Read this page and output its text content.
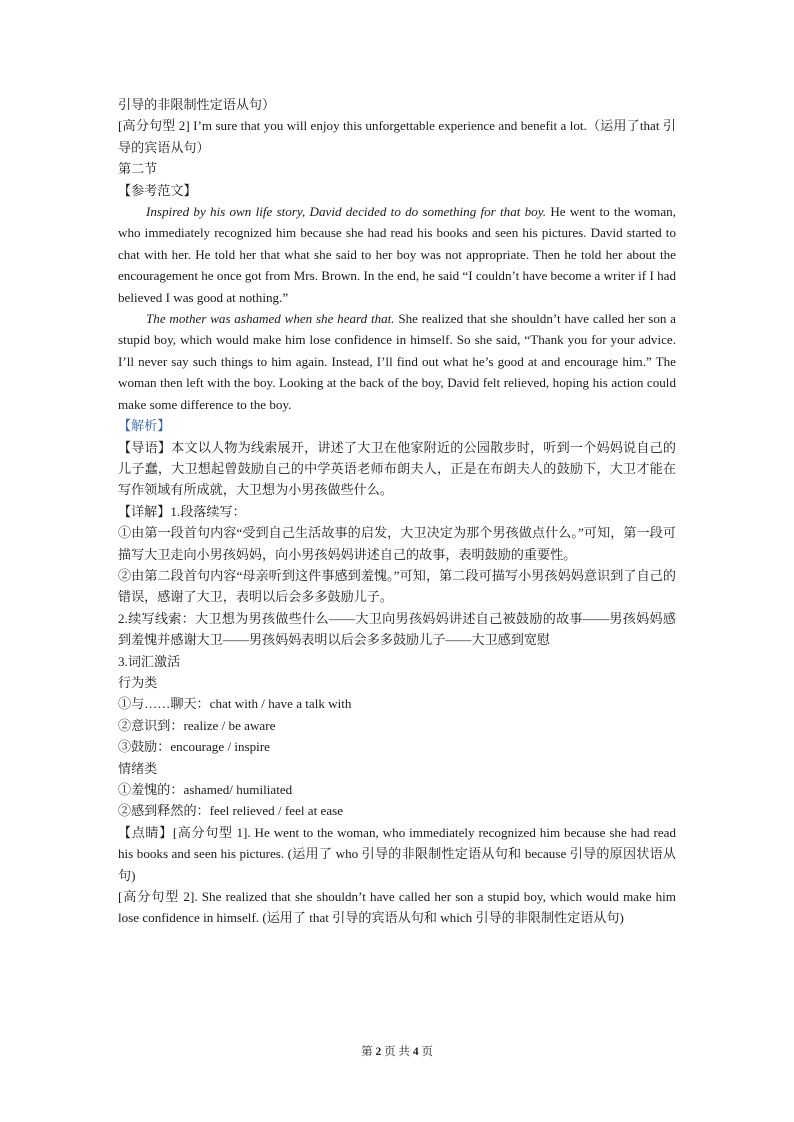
引导的非限制性定语从句）

[高分句型 2] I’m sure that you will enjoy this unforgettable experience and benefit a lot.（运用了that 引导的宾语从句）

第二节

【参考范文】

Inspired by his own life story, David decided to do something for that boy. He went to the woman, who immediately recognized him because she had read his books and seen his pictures. David started to chat with her. He told her that what she said to her boy was not appropriate. Then he told her about the encouragement he once got from Mrs. Brown. In the end, he said “I couldn’t have become a writer if I had believed I was good at nothing.”

The mother was ashamed when she heard that. She realized that she shouldn’t have called her son a stupid boy, which would make him lose confidence in himself. So she said, “Thank you for your advice. I’ll never say such things to him again. Instead, I’ll find out what he’s good at and encourage him.” The woman then left with the boy. Looking at the back of the boy, David felt relieved, hoping his action could make some difference to the boy.

【解析】

【导语】本文以人物为线索展开，讲述了大卫在他家附近的公园散步时，听到一个妈妈说自己的儿子蠢，大卫想起曾鼓励自己的中学英语老师布朗夫人，正是在布朗夫人的鼓励下，大卫才能在写作领域有所成就，大卫想为小男孩做些什么。

【详解】1.段落续写：

①由第一段首句内容“受到自己生活故事的启发，大卫决定为那个男孩做点什么。”可知，第一段可描写大卫走向小男孩妈妈，向小男孩妈妈讲述自己的故事，表明鼓励的重要性。

②由第二段首句内容“母亲听到这件事感到羞愧。”可知，第二段可描写小男孩妈妈意识到了自己的错误，感谢了大卫，表明以后会多多鼓励儿子。

2.续写线索：大卫想为男孩做些什么——大卫向男孩妈妈讲述自己被鼓励的故事——男孩妈妈感到羞愧并感谢大卫——男孩妈妈表明以后会多多鼓励儿子——大卫感到宽慰

3.词汇激活

行为类

①与……聊天：chat with / have a talk with

②意识到：realize / be aware

③鼓励：encourage / inspire

情绪类

①羞愧的：ashamed/ humiliated

②感到释然的：feel relieved / feel at ease

【点睛】[高分句型 1]. He went to the woman, who immediately recognized him because she had read his books and seen his pictures. (运用了 who 引导的非限制性定语从句和 because 引导的原因状语从句)

[高分句型 2]. She realized that she shouldn’t have called her son a stupid boy, which would make him lose confidence in himself. (运用了 that 引导的宾语从句和 which 引导的非限制性定语从句)

第 2 页 共 4 页
